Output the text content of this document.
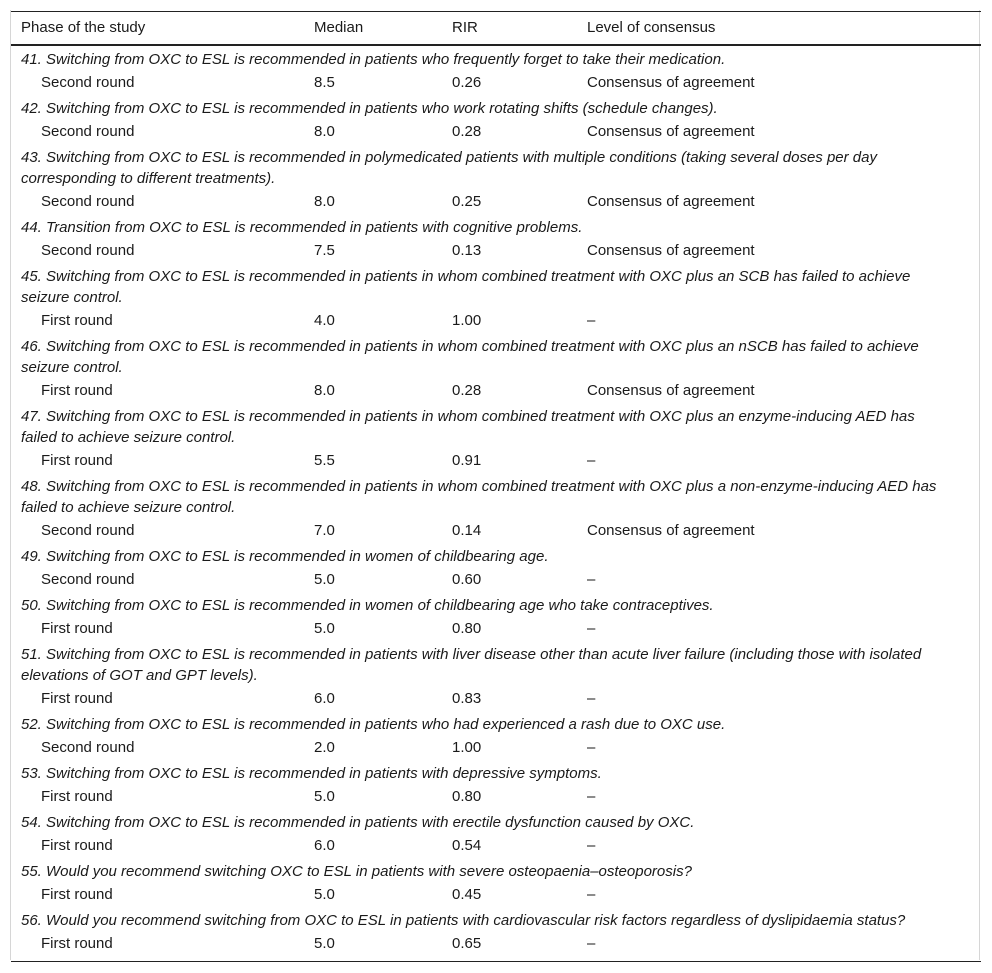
Phase of the study	Median	RIR	Level of consensus
41. Switching from OXC to ESL is recommended in patients who frequently forget to take their medication.			
Second round	8.5	0.26	Consensus of agreement
42. Switching from OXC to ESL is recommended in patients who work rotating shifts (schedule changes).			
Second round	8.0	0.28	Consensus of agreement
43. Switching from OXC to ESL is recommended in polymedicated patients with multiple conditions (taking several doses per day corresponding to different treatments).			
Second round	8.0	0.25	Consensus of agreement
44. Transition from OXC to ESL is recommended in patients with cognitive problems.			
Second round	7.5	0.13	Consensus of agreement
45. Switching from OXC to ESL is recommended in patients in whom combined treatment with OXC plus an SCB has failed to achieve seizure control.			
First round	4.0	1.00	–
46. Switching from OXC to ESL is recommended in patients in whom combined treatment with OXC plus an nSCB has failed to achieve seizure control.			
First round	8.0	0.28	Consensus of agreement
47. Switching from OXC to ESL is recommended in patients in whom combined treatment with OXC plus an enzyme-inducing AED has failed to achieve seizure control.			
First round	5.5	0.91	–
48. Switching from OXC to ESL is recommended in patients in whom combined treatment with OXC plus a non-enzyme-inducing AED has failed to achieve seizure control.			
Second round	7.0	0.14	Consensus of agreement
49. Switching from OXC to ESL is recommended in women of childbearing age.			
Second round	5.0	0.60	–
50. Switching from OXC to ESL is recommended in women of childbearing age who take contraceptives.			
First round	5.0	0.80	–
51. Switching from OXC to ESL is recommended in patients with liver disease other than acute liver failure (including those with isolated elevations of GOT and GPT levels).			
First round	6.0	0.83	–
52. Switching from OXC to ESL is recommended in patients who had experienced a rash due to OXC use.			
Second round	2.0	1.00	–
53. Switching from OXC to ESL is recommended in patients with depressive symptoms.			
First round	5.0	0.80	–
54. Switching from OXC to ESL is recommended in patients with erectile dysfunction caused by OXC.			
First round	6.0	0.54	–
55. Would you recommend switching OXC to ESL in patients with severe osteopaenia–osteoporosis?			
First round	5.0	0.45	–
56. Would you recommend switching from OXC to ESL in patients with cardiovascular risk factors regardless of dyslipidaemia status?			
First round	5.0	0.65	–
